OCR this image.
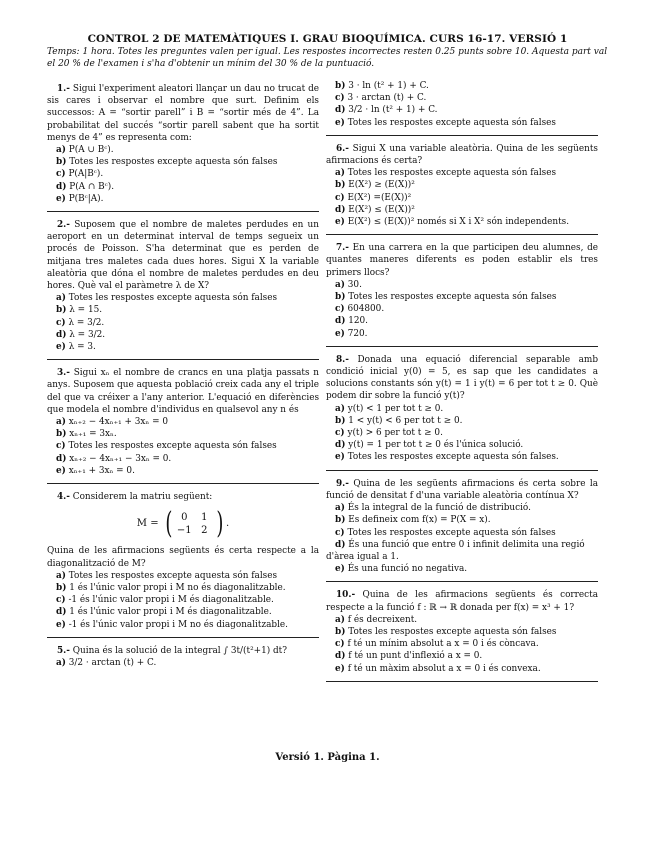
CONTROL 2 DE MATEMÀTIQUES I. GRAU BIOQUÍMICA. CURS 16-17. VERSIÓ 1
Temps: 1 hora. Totes les preguntes valen per igual. Les respostes incorrectes resten 0.25 punts sobre 10. Aquesta part val el 20 % de l'examen i s'ha d'obtenir un mínim del 30 % de la puntuació.

1.- Sigui l'experiment aleatori llançar un dau no trucat de sis cares i observar el nombre que surt. Definim els successos: A = “sortir parell” i B = “sortir més de 4”. La probabilitat del succés “sortir parell sabent que ha sortit menys de 4” es representa com:

a) P(A ∪ Bᶜ).
b) Totes les respostes excepte aquesta són falses
c) P(A|Bᶜ).
d) P(A ∩ Bᶜ).
e) P(Bᶜ|A).

2.- Suposem que el nombre de maletes perdudes en un aeroport en un determinat interval de temps segueix un procés de Poisson. S'ha determinat que es perden de mitjana tres maletes cada dues hores. Sigui X la variable aleatòria que dóna el nombre de maletes perdudes en deu hores. Què val el paràmetre λ de X?

a) Totes les respostes excepte aquesta són falses
b) λ = 15.
c) λ = 3/2.
d) λ = 3/2.
e) λ = 3.

3.- Sigui xₙ el nombre de crancs en una platja passats n anys. Suposem que aquesta població creix cada any el triple del que va créixer a l'any anterior. L'equació en diferències que modela el nombre d'individus en qualsevol any n és

a) xₙ₊₂ − 4xₙ₊₁ + 3xₙ = 0
b) xₙ₊₁ = 3xₙ.
c) Totes les respostes excepte aquesta són falses
d) xₙ₊₂ − 4xₙ₊₁ − 3xₙ = 0.
e) xₙ₊₁ + 3xₙ = 0.

4.- Considerem la matriu següent:

M = ( 0	1
−1 2 ) .

Quina de les afirmacions següents és certa respecte a la diagonalització de M?

a) Totes les respostes excepte aquesta són falses
b) 1 és l'únic valor propi i M no és diagonalitzable.
c) -1 és l'únic valor propi i M és diagonalitzable.
d) 1 és l'únic valor propi i M és diagonalitzable.
e) -1 és l'únic valor propi i M no és diagonalitzable.

5.- Quina és la solució de la integral ∫ 3t/(t²+1) dt?

a) 3/2 · arctan (t) + C.
b) 3 · ln (t² + 1) + C.
c) 3 · arctan (t) + C.
d) 3/2 · ln (t² + 1) + C.
e) Totes les respostes excepte aquesta són falses

6.- Sigui X una variable aleatòria. Quina de les següents afirmacions és certa?

a) Totes les respostes excepte aquesta són falses
b) E(X²) ≥ (E(X))²
c) E(X²) =(E(X))²
d) E(X²) ≤ (E(X))²
e) E(X²) ≤ (E(X))² només si X i X² són independents.

7.- En una carrera en la que participen deu alumnes, de quantes maneres diferents es poden establir els tres primers llocs?

a) 30.
b) Totes les respostes excepte aquesta són falses
c) 604800.
d) 120.
e) 720.

8.- Donada una equació diferencial separable amb condició inicial y(0) = 5, es sap que les candidates a solucions constants són y(t) = 1 i y(t) = 6 per tot t ≥ 0. Què podem dir sobre la funció y(t)?

a) y(t) < 1 per tot t ≥ 0.
b) 1 < y(t) < 6 per tot t ≥ 0.
c) y(t) > 6 per tot t ≥ 0.
d) y(t) = 1 per tot t ≥ 0 és l'única solució.
e) Totes les respostes excepte aquesta són falses.

9.- Quina de les següents afirmacions és certa sobre la funció de densitat f d'una variable aleatòria contínua X?

a) És la integral de la funció de distribució.
b) Es defineix com f(x) = P(X = x).
c) Totes les respostes excepte aquesta són falses
d) És una funció que entre 0 i infinit delimita una regió d'àrea igual a 1.
e) És una funció no negativa.

10.- Quina de les afirmacions següents és correcta respecte a la funció f : ℝ → ℝ donada per f(x) = x³ + 1?

a) f és decreixent.
b) Totes les respostes excepte aquesta són falses
c) f té un mínim absolut a x = 0 i és còncava.
d) f té un punt d'inflexió a x = 0.
e) f té un màxim absolut a x = 0 i és convexa.
Versió 1. Pàgina 1.
